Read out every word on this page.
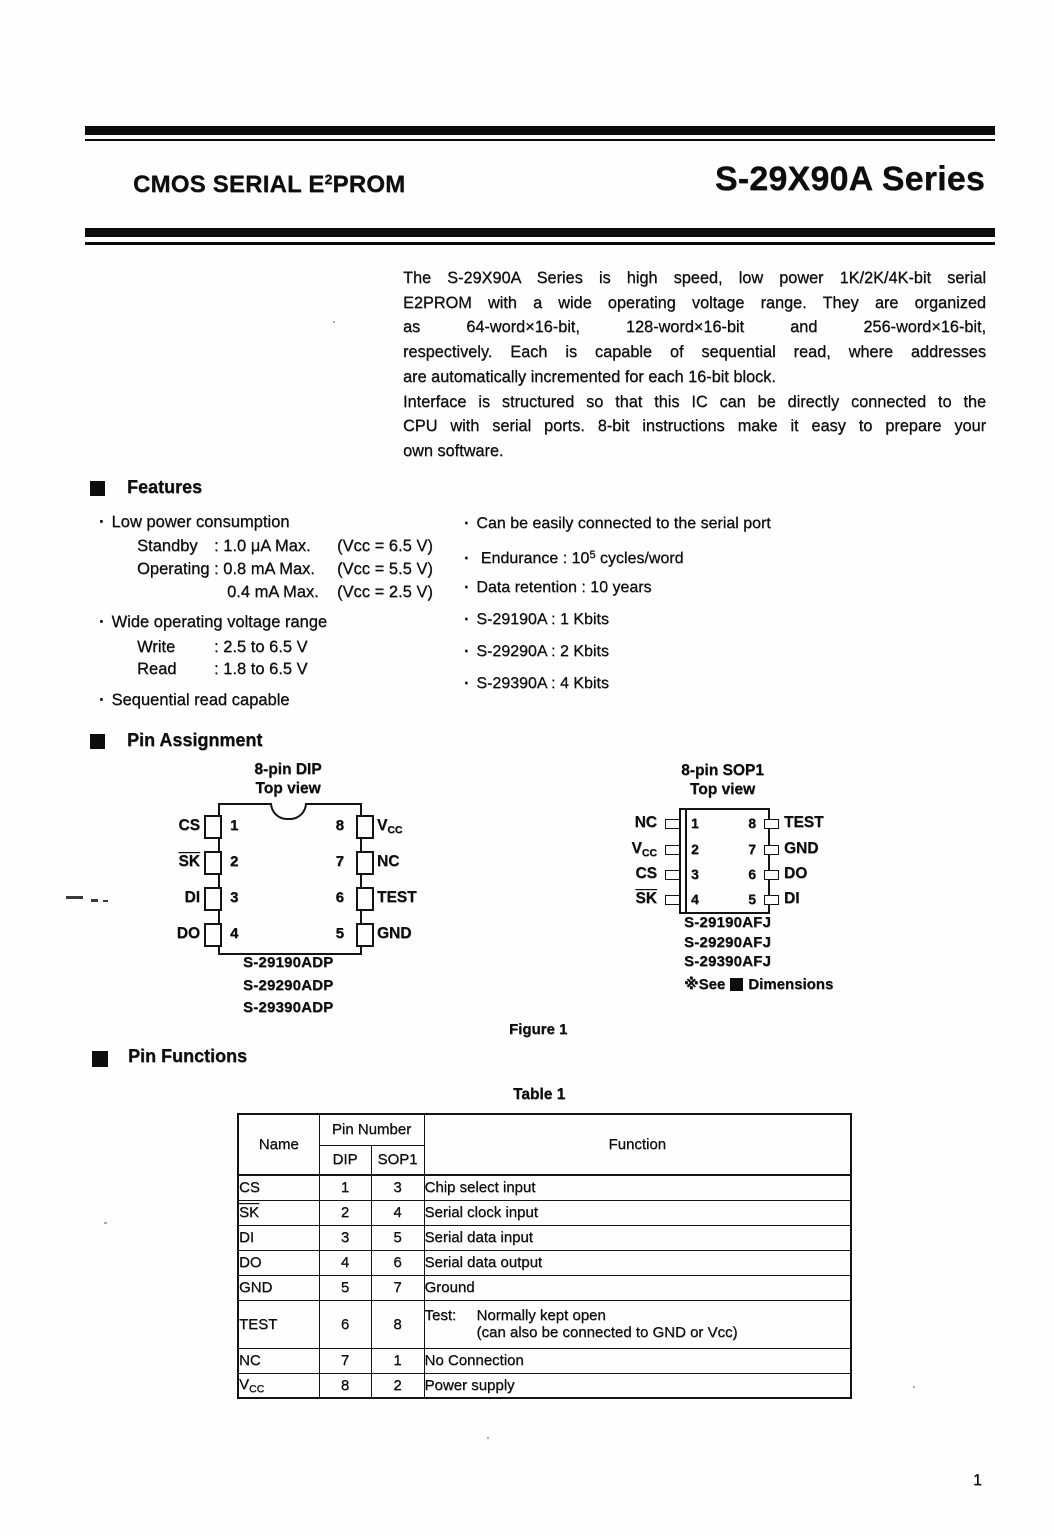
CMOS SERIAL $E^2PROM$	S-29X90A Series
The S-29X90A Series is high speed, low power 1K/2K/4K-bit serial
E2PROM with a wide operating voltage range. They are organized
as 64-word×16-bit, 128-word×16-bit and 256-word×16-bit,
respectively. Each is capable of sequential read, where addresses
are automatically incremented for each 16-bit block.
Interface is structured so that this IC can be directly connected to the
CPU with serial ports. 8-bit instructions make it easy to prepare your
own software.
Features
· Low power consumption
Standby : 1.0 μA Max.	(Vcc = 6.5 V)
Operating : 0.8 mA Max.	(Vcc = 5.5 V)
0.4 mA Max.	(Vcc = 2.5 V)
· Wide operating voltage range
Write	: 2.5 to 6.5 V
Read	: 1.8 to 6.5 V
· Sequential read capable
· Can be easily connected to the serial port
· Endurance : $10^5$ cycles/word
· Data retention : 10 years
· S-29190A : 1 Kbits
· S-29290A : 2 Kbits
· S-29390A : 4 Kbits
Pin Assignment
8-pin DIP
Top view
1
2
3
4
8
7
6
5
CS
$\overline{SK}$
DI
DO
$V_{CC}$
NC
TEST
GND
S-29190ADP
S-29290ADP
S-29390ADP
8-pin SOP1
Top view
1
2
3
4
8
7
6
5
NC
$V_{CC}$
CS
$\overline{SK}$
TEST
GND
DO
DI
S-29190AFJ
S-29290AFJ
S-29390AFJ
※See Dimensions
Figure 1
Pin Functions
Table 1
Name	Pin Number		Function
	DIP	SOP1	
CS	1	3	Chip select input
$\overline{SK}$	2	4	Serial clock input
DI	3	5	Serial data input
DO	4	6	Serial data output
GND	5	7	Ground
TEST	6	8	Test: Normally kept open
(can also be connected to GND or Vcc)

NC	7	1	No Connection
$V_{CC}$	8	2	Power supply
1
